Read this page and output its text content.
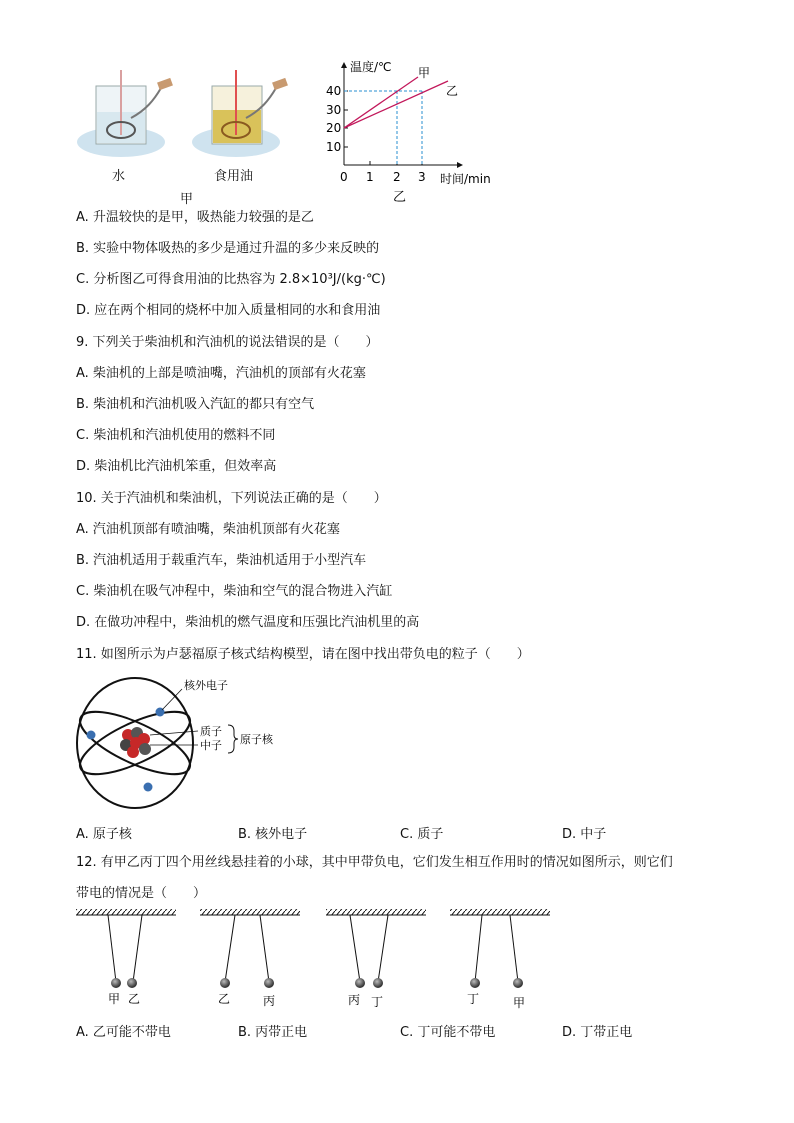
水	食用油
甲
温度/℃
时间/min
40
30
20
10
0 1 2 3
甲
乙
乙
A. 升温较快的是甲，吸热能力较强的是乙
B. 实验中物体吸热的多少是通过升温的多少来反映的
C. 分析图乙可得食用油的比热容为 2.8×10³J/(kg·℃)
D. 应在两个相同的烧杯中加入质量相同的水和食用油
9. 下列关于柴油机和汽油机的说法错误的是（　　）
A. 柴油机的上部是喷油嘴，汽油机的顶部有火花塞
B. 柴油机和汽油机吸入汽缸的都只有空气
C. 柴油机和汽油机使用的燃料不同
D. 柴油机比汽油机笨重，但效率高
10. 关于汽油机和柴油机，下列说法正确的是（　　）
A. 汽油机顶部有喷油嘴，柴油机顶部有火花塞
B. 汽油机适用于载重汽车，柴油机适用于小型汽车
C. 柴油机在吸气冲程中，柴油和空气的混合物进入汽缸
D. 在做功冲程中，柴油机的燃气温度和压强比汽油机里的高
11. 如图所示为卢瑟福原子核式结构模型，请在图中找出带负电的粒子（　　）
核外电子
质子
中子 原子核
A. 原子核	B. 核外电子	C. 质子	D. 中子
12. 有甲乙丙丁四个用丝线悬挂着的小球，其中甲带负电，它们发生相互作用时的情况如图所示，则它们
带电的情况是（　　）
甲 乙	乙	丙	丙 丁	丁	甲
A. 乙可能不带电	B. 丙带正电	C. 丁可能不带电	D. 丁带正电
